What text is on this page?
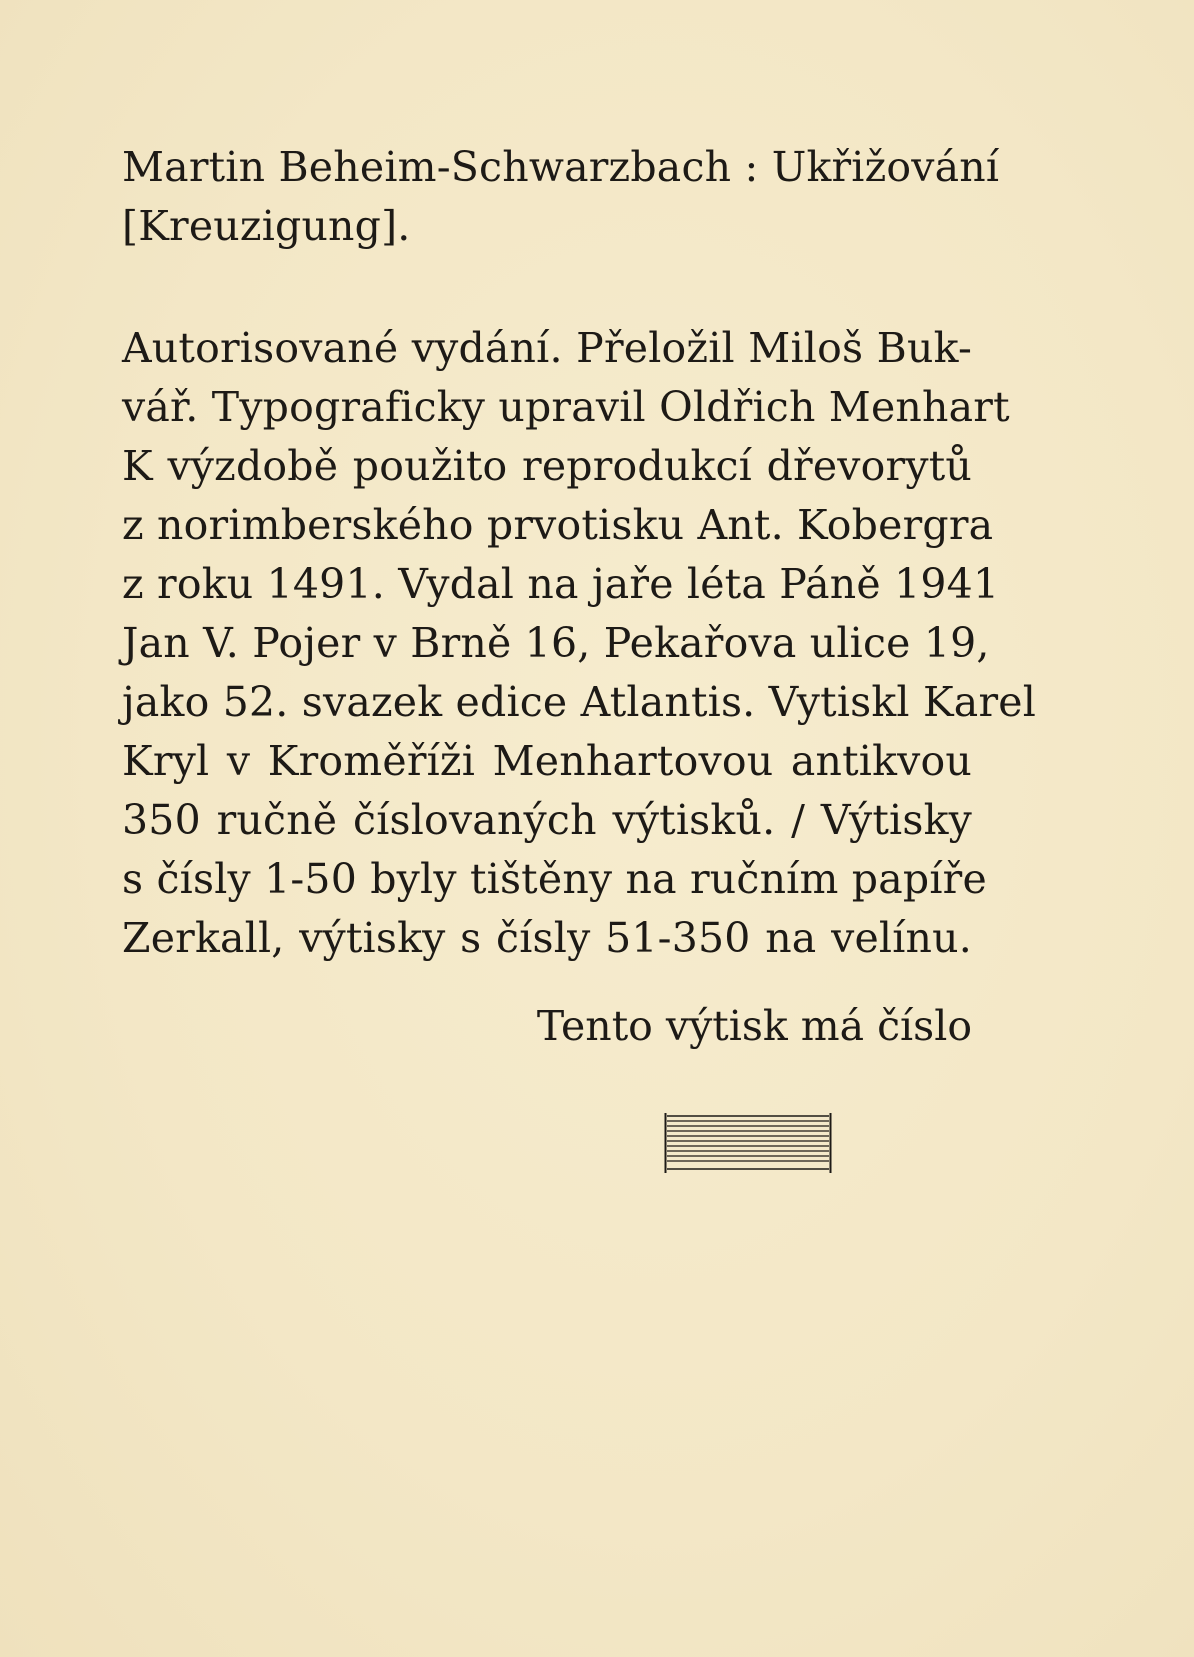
Martin Beheim-Schwarzbach : Ukřižování
[Kreuzigung].
Autorisované vydání. Přeložil Miloš Buk-
vář. Typograficky upravil Oldřich Menhart
K výzdobě použito reprodukcí dřevorytů
z norimberského prvotisku Ant. Kobergra
z roku 1491. Vydal na jaře léta Páně 1941
Jan V. Pojer v Brně 16, Pekařova ulice 19,
jako 52. svazek edice Atlantis. Vytiskl Karel
Kryl v Kroměříži Menhartovou antikvou
350 ručně číslovaných výtisků. / Výtisky
s čísly 1-50 byly tištěny na ručním papíře
Zerkall, výtisky s čísly 51-350 na velínu.
Tento výtisk má číslo
